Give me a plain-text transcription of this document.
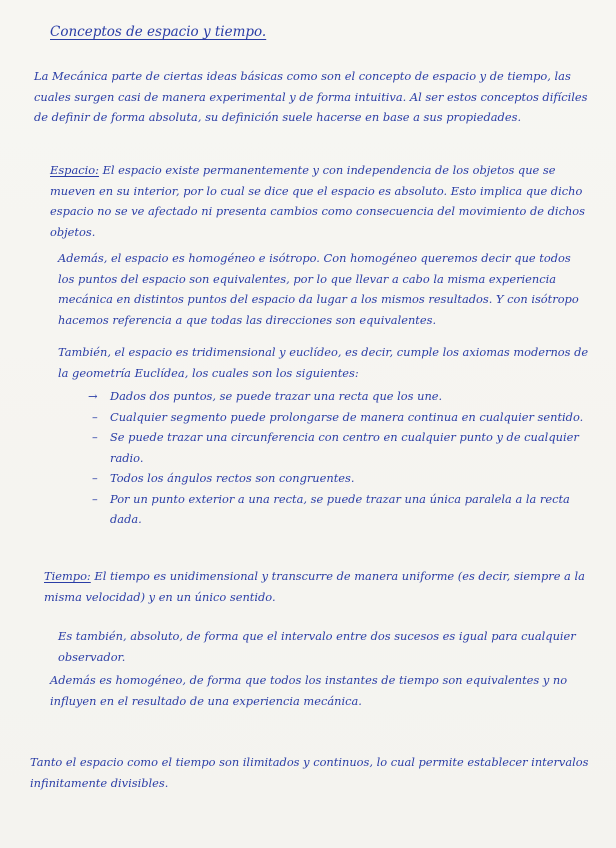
Conceptos de espacio y tiempo.
La Mecánica parte de ciertas ideas básicas como son el concepto de espacio y de tiempo, las cuales surgen casi de manera experimental y de forma intuitiva. Al ser estos conceptos difíciles de definir de forma absoluta, su definición suele hacerse en base a sus propiedades.
Espacio: El espacio existe permanentemente y con independencia de los objetos que se mueven en su interior, por lo cual se dice que el espacio es absoluto. Esto implica que dicho espacio no se ve afectado ni presenta cambios como consecuencia del movimiento de dichos objetos.
Además, el espacio es homogéneo e isótropo. Con homogéneo queremos decir que todos los puntos del espacio son equivalentes, por lo que llevar a cabo la misma experiencia mecánica en distintos puntos del espacio da lugar a los mismos resultados. Y con isótropo hacemos referencia a que todas las direcciones son equivalentes.
También, el espacio es tridimensional y euclídeo, es decir, cumple los axiomas modernos de la geometría Euclídea, los cuales son los siguientes:
→ Dados dos puntos, se puede trazar una recta que los une.
– Cualquier segmento puede prolongarse de manera continua en cualquier sentido.
– Se puede trazar una circunferencia con centro en cualquier punto y de cualquier radio.
– Todos los ángulos rectos son congruentes.
– Por un punto exterior a una recta, se puede trazar una única paralela a la recta dada.
Tiempo: El tiempo es unidimensional y transcurre de manera uniforme (es decir, siempre a la misma velocidad) y en un único sentido.
Es también, absoluto, de forma que el intervalo entre dos sucesos es igual para cualquier observador.
Además es homogéneo, de forma que todos los instantes de tiempo son equivalentes y no influyen en el resultado de una experiencia mecánica.
Tanto el espacio como el tiempo son ilimitados y continuos, lo cual permite establecer intervalos infinitamente divisibles.
